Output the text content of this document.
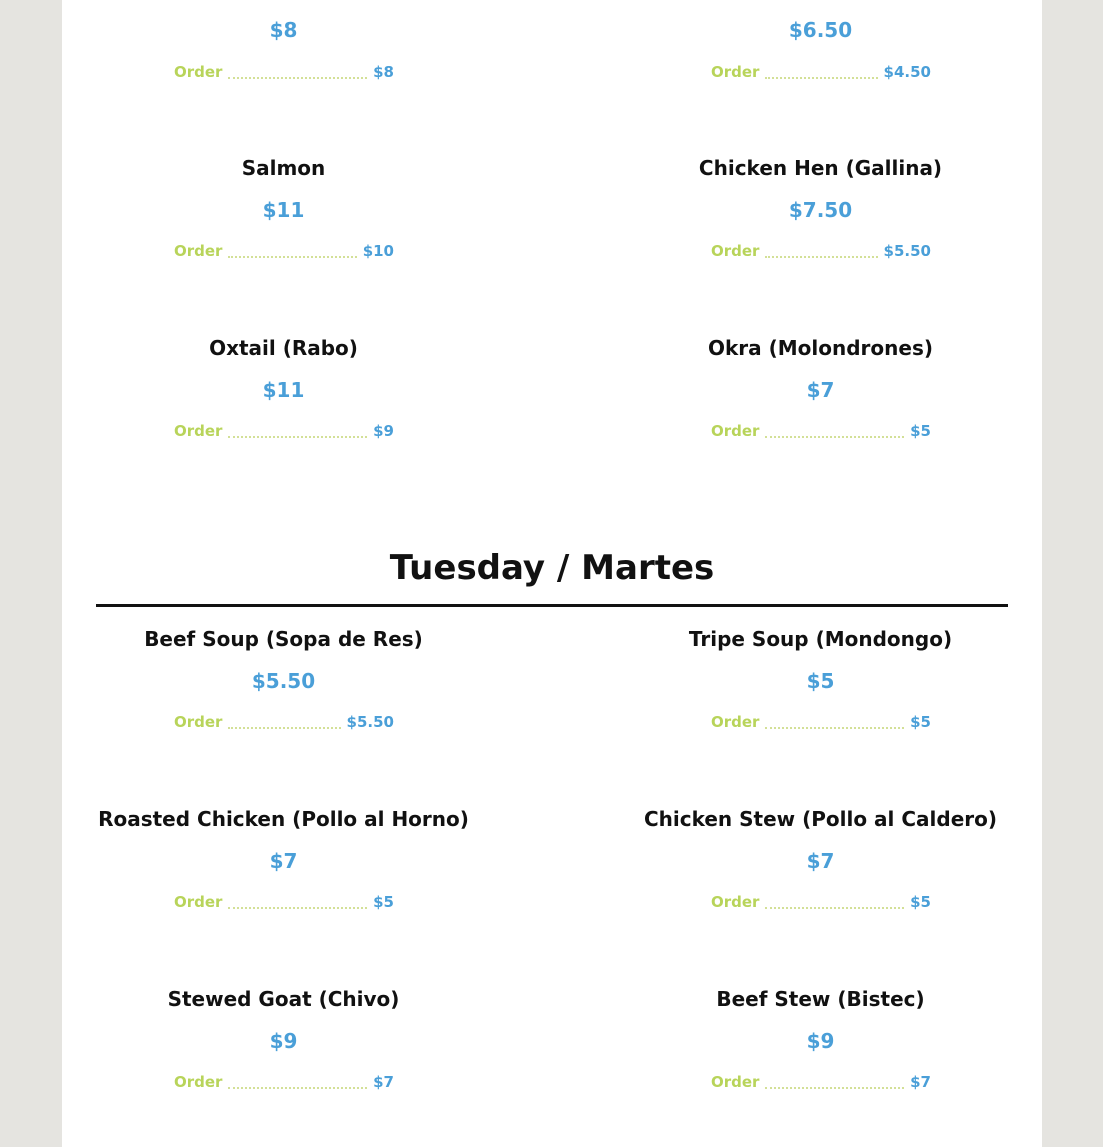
$8
Order	$8
Salmon
$11
Order	$10
Oxtail (Rabo)
$11
Order	$9
$6.50
Order	$4.50
Chicken Hen (Gallina)
$7.50
Order	$5.50
Okra (Molondrones)
$7
Order	$5
Tuesday / Martes
Beef Soup (Sopa de Res)
$5.50
Order	$5.50
Roasted Chicken (Pollo al Horno)
$7
Order	$5
Stewed Goat (Chivo)
$9
Order	$7
Tripe Soup (Mondongo)
$5
Order	$5
Chicken Stew (Pollo al Caldero)
$7
Order	$5
Beef Stew (Bistec)
$9
Order	$7
